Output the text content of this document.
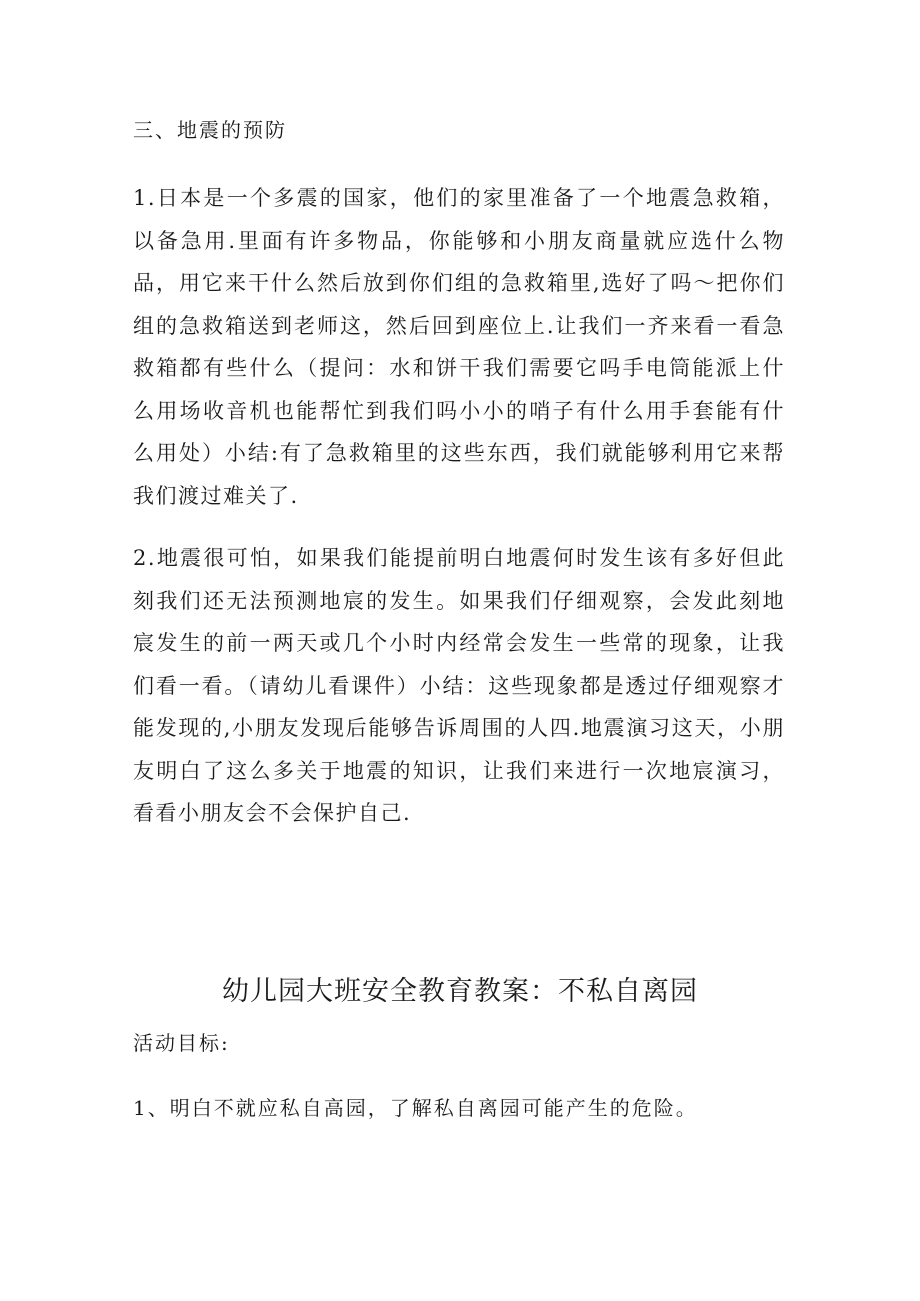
三、地震的预防
1.日本是一个多震的国家，他们的家里准备了一个地震急救箱，以备急用.里面有许多物品，你能够和小朋友商量就应选什么物品，用它来干什么然后放到你们组的急救箱里,选好了吗～把你们组的急救箱送到老师这，然后回到座位上.让我们一齐来看一看急救箱都有些什么（提问：水和饼干我们需要它吗手电筒能派上什么用场收音机也能帮忙到我们吗小小的哨子有什么用手套能有什么用处）小结:有了急救箱里的这些东西，我们就能够利用它来帮我们渡过难关了.
2.地震很可怕，如果我们能提前明白地震何时发生该有多好但此刻我们还无法预测地宸的发生。如果我们仔细观察，会发此刻地宸发生的前一两天或几个小时内经常会发生一些常的现象，让我们看一看。（请幼儿看课件）小结：这些现象都是透过仔细观察才能发现的,小朋友发现后能够告诉周围的人四.地震演习这天，小朋友明白了这么多关于地震的知识，让我们来进行一次地宸演习，看看小朋友会不会保护自己.
幼儿园大班安全教育教案：不私自离园
活动目标:
1、明白不就应私自高园，了解私自离园可能产生的危险。
